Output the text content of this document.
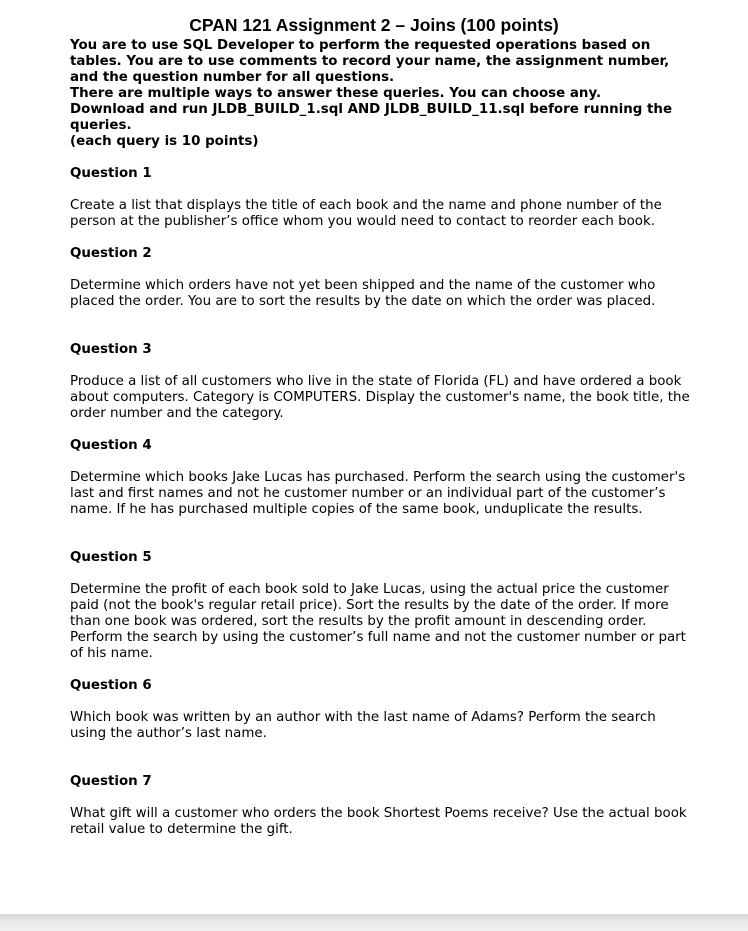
CPAN 121 Assignment 2 – Joins (100 points)

You are to use SQL Developer to perform the requested operations based on tables. You are to use comments to record your name, the assignment number, and the question number for all questions.

There are multiple ways to answer these queries. You can choose any.

Download and run JLDB_BUILD_1.sql AND JLDB_BUILD_11.sql before running the queries.

(each query is 10 points)

Question 1

Create a list that displays the title of each book and the name and phone number of the person at the publisher’s office whom you would need to contact to reorder each book.

Question 2

Determine which orders have not yet been shipped and the name of the customer who placed the order. You are to sort the results by the date on which the order was placed.

Question 3

Produce a list of all customers who live in the state of Florida (FL) and have ordered a book about computers. Category is COMPUTERS. Display the customer's name, the book title, the order number and the category.

Question 4

Determine which books Jake Lucas has purchased. Perform the search using the customer's last and first names and not he customer number or an individual part of the customer’s name. If he has purchased multiple copies of the same book, unduplicate the results.

Question 5

Determine the profit of each book sold to Jake Lucas, using the actual price the customer paid (not the book's regular retail price). Sort the results by the date of the order. If more than one book was ordered, sort the results by the profit amount in descending order. Perform the search by using the customer’s full name and not the customer number or part of his name.

Question 6

Which book was written by an author with the last name of Adams? Perform the search using the author’s last name.

Question 7

What gift will a customer who orders the book Shortest Poems receive? Use the actual book retail value to determine the gift.
